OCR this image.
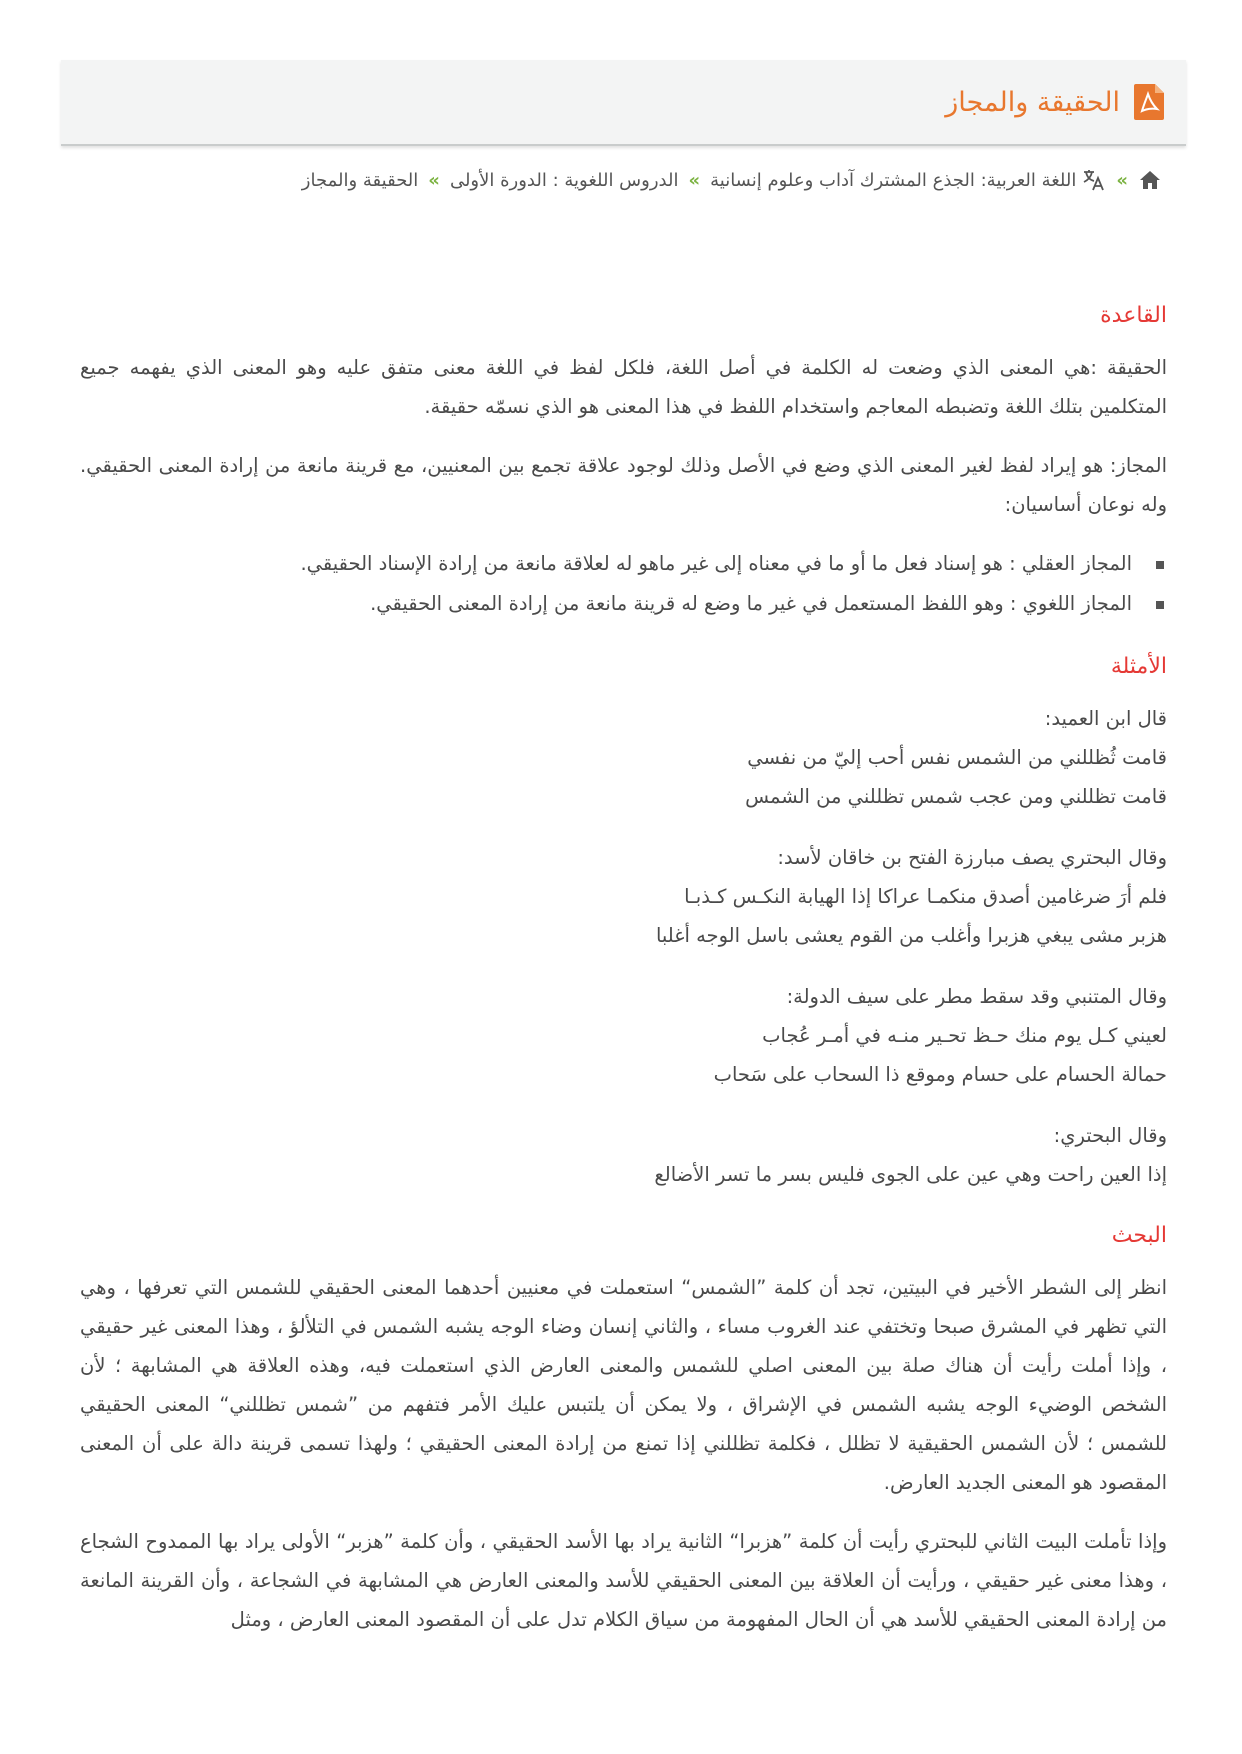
الحقيقة والمجاز
»
اللغة العربية: الجذع المشترك آداب وعلوم إنسانية
»
الدروس اللغوية : الدورة الأولى
»
الحقيقة والمجاز
القاعدة

الحقيقة :هي المعنى الذي وضعت له الكلمة في أصل اللغة، فلكل لفظ في اللغة معنى متفق عليه وهو المعنى الذي يفهمه جميع المتكلمين بتلك اللغة وتضبطه المعاجم واستخدام اللفظ في هذا المعنى هو الذي نسمّه حقيقة.

المجاز: هو إيراد لفظ لغير المعنى الذي وضع في الأصل وذلك لوجود علاقة تجمع بين المعنيين، مع قرينة مانعة من إرادة المعنى الحقيقي. وله نوعان أساسيان:

المجاز العقلي : هو إسناد فعل ما أو ما في معناه إلى غير ماهو له لعلاقة مانعة من إرادة الإسناد الحقيقي.
المجاز اللغوي : وهو اللفظ المستعمل في غير ما وضع له قرينة مانعة من إرادة المعنى الحقيقي.
الأمثلة
قال ابن العميد:
قامت ثُظللني من الشمس نفس أحب إليّ من نفسي
قامت تظللني ومن عجب شمس تظللني من الشمس
وقال البحتري يصف مبارزة الفتح بن خاقان لأسد:
فلم أرَ ضرغامين أصدق منكمـا عراكا إذا الهيابة النكـس كـذبـا
هزبر مشى يبغي هزبرا وأغلب من القوم يعشى باسل الوجه أغلبا
وقال المتنبي وقد سقط مطر على سيف الدولة:
لعيني كـل يوم منك حـظ تحـير منـه في أمـر عُجاب
حمالة الحسام على حسام وموقع ذا السحاب على سَحاب
وقال البحتري:
إذا العين راحت وهي عين على الجوى فليس بسر ما تسر الأضالع
البحث

انظر إلى الشطر الأخير في البيتين، تجد أن كلمة ”الشمس“ استعملت في معنيين أحدهما المعنى الحقيقي للشمس التي تعرفها ، وهي التي تظهر في المشرق صبحا وتختفي عند الغروب مساء ، والثاني إنسان وضاء الوجه يشبه الشمس في التلألؤ ، وهذا المعنى غير حقيقي ، وإذا أملت رأيت أن هناك صلة بين المعنى اصلي للشمس والمعنى العارض الذي استعملت فيه، وهذه العلاقة هي المشابهة ؛ لأن الشخص الوضيء الوجه يشبه الشمس في الإشراق ، ولا يمكن أن يلتبس عليك الأمر فتفهم من ”شمس تظللني“ المعنى الحقيقي للشمس ؛ لأن الشمس الحقيقية لا تظلل ، فكلمة تظللني إذا تمنع من إرادة المعنى الحقيقي ؛ ولهذا تسمى قرينة دالة على أن المعنى المقصود هو المعنى الجديد العارض.

وإذا تأملت البيت الثاني للبحتري رأيت أن كلمة ”هزبرا“ الثانية يراد بها الأسد الحقيقي ، وأن كلمة ”هزبر“ الأولى يراد بها الممدوح الشجاع ، وهذا معنى غير حقيقي ، ورأيت أن العلاقة بين المعنى الحقيقي للأسد والمعنى العارض هي المشابهة في الشجاعة ، وأن القرينة المانعة من إرادة المعنى الحقيقي للأسد هي أن الحال المفهومة من سياق الكلام تدل على أن المقصود المعنى العارض ، ومثل
